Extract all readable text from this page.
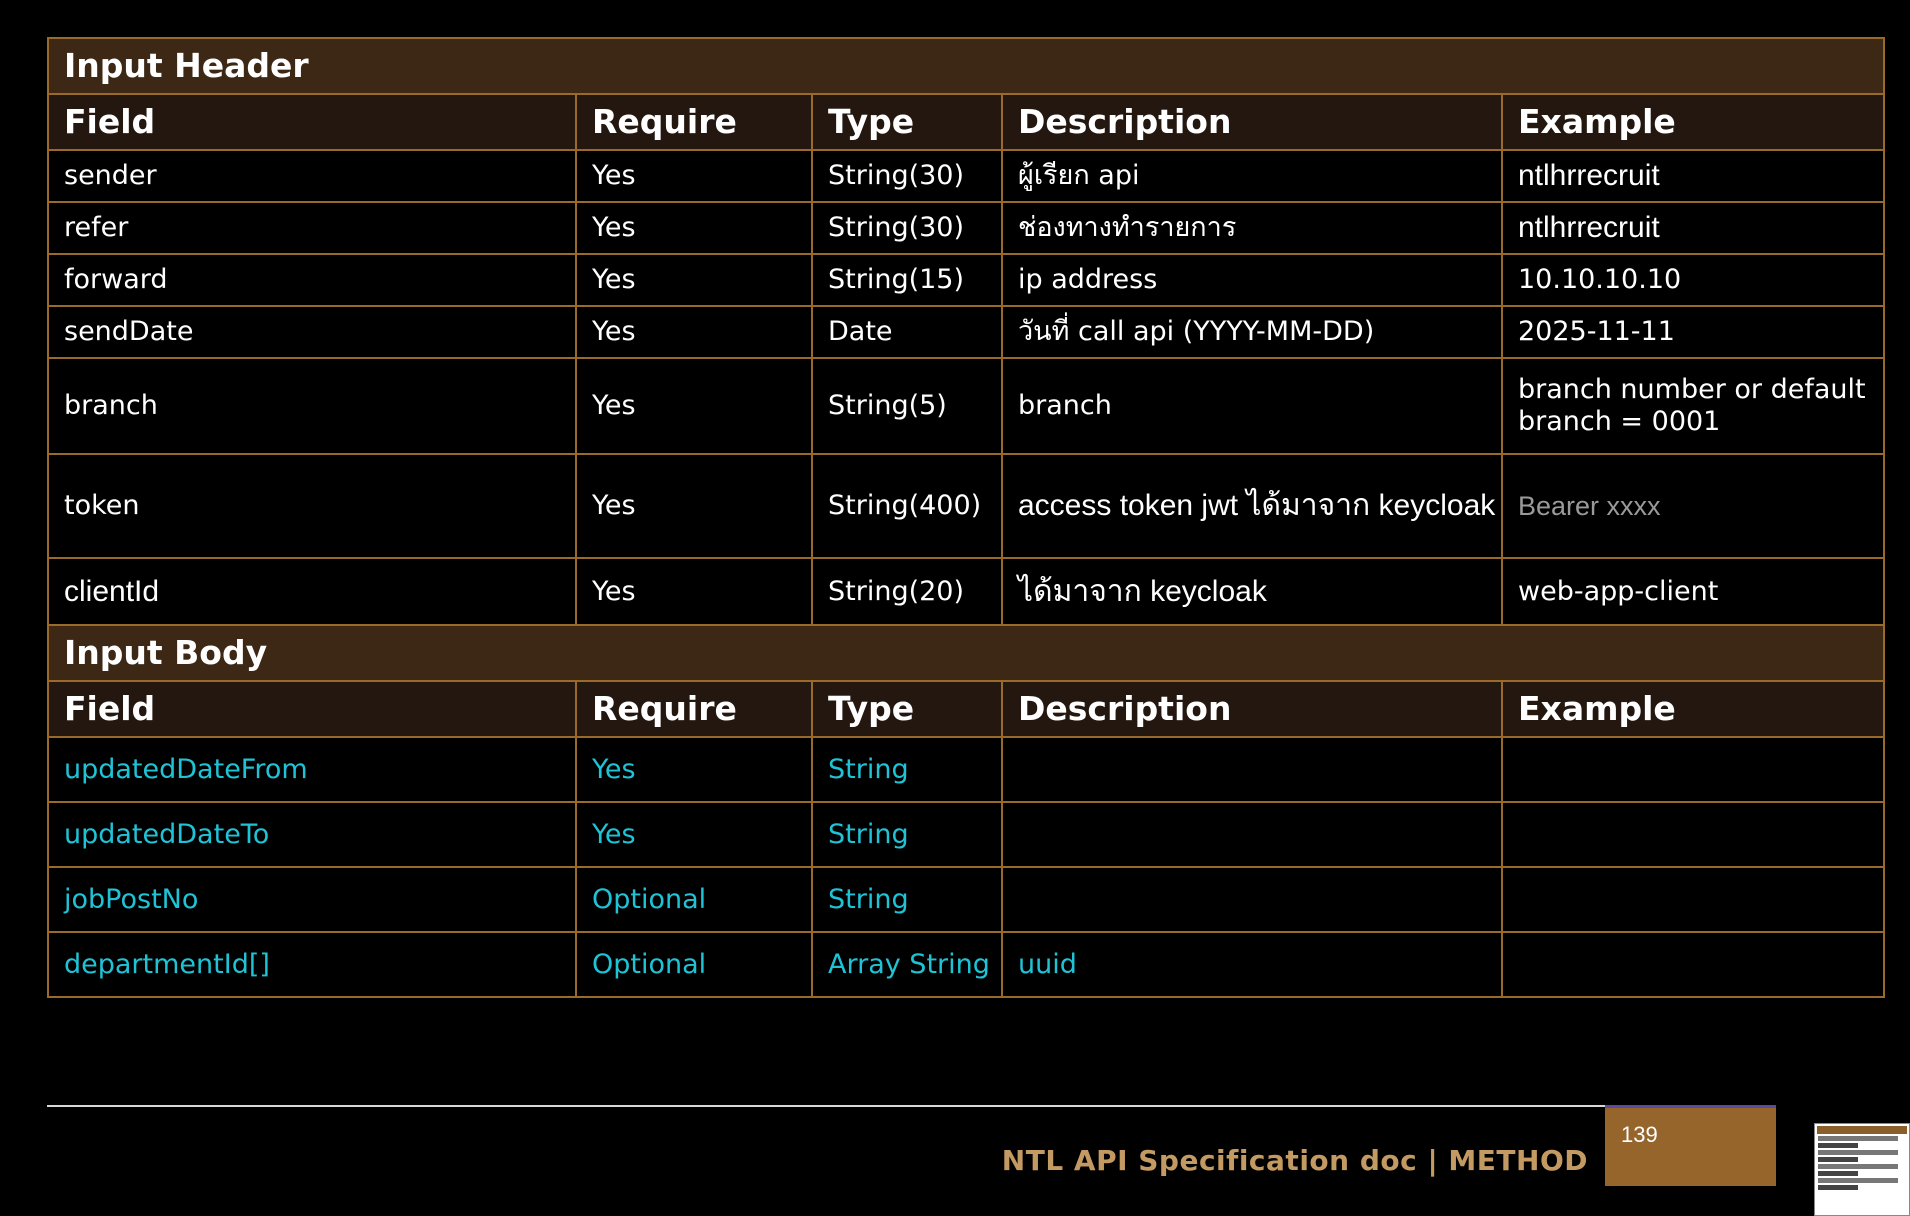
Input Header				
Field	Require	Type	Description	Example
sender	Yes	String(30)	ผู้เรียก api	ntlhrrecruit
refer	Yes	String(30)	ช่องทางทำรายการ	ntlhrrecruit
forward	Yes	String(15)	ip address	10.10.10.10
sendDate	Yes	Date	วันที่ call api (YYYY-MM-DD)	2025-11-11
branch	Yes	String(5)	branch	branch number or default branch = 0001
token	Yes	String(400)	access token jwt ได้มาจาก keycloak	Bearer xxxx
clientId	Yes	String(20)	ได้มาจาก keycloak	web-app-client
Input Body				
Field	Require	Type	Description	Example
updatedDateFrom	Yes	String		
updatedDateTo	Yes	String		
jobPostNo	Optional	String		
departmentId[]	Optional	Array String	uuid	
NTL API Specification doc | METHOD
139
